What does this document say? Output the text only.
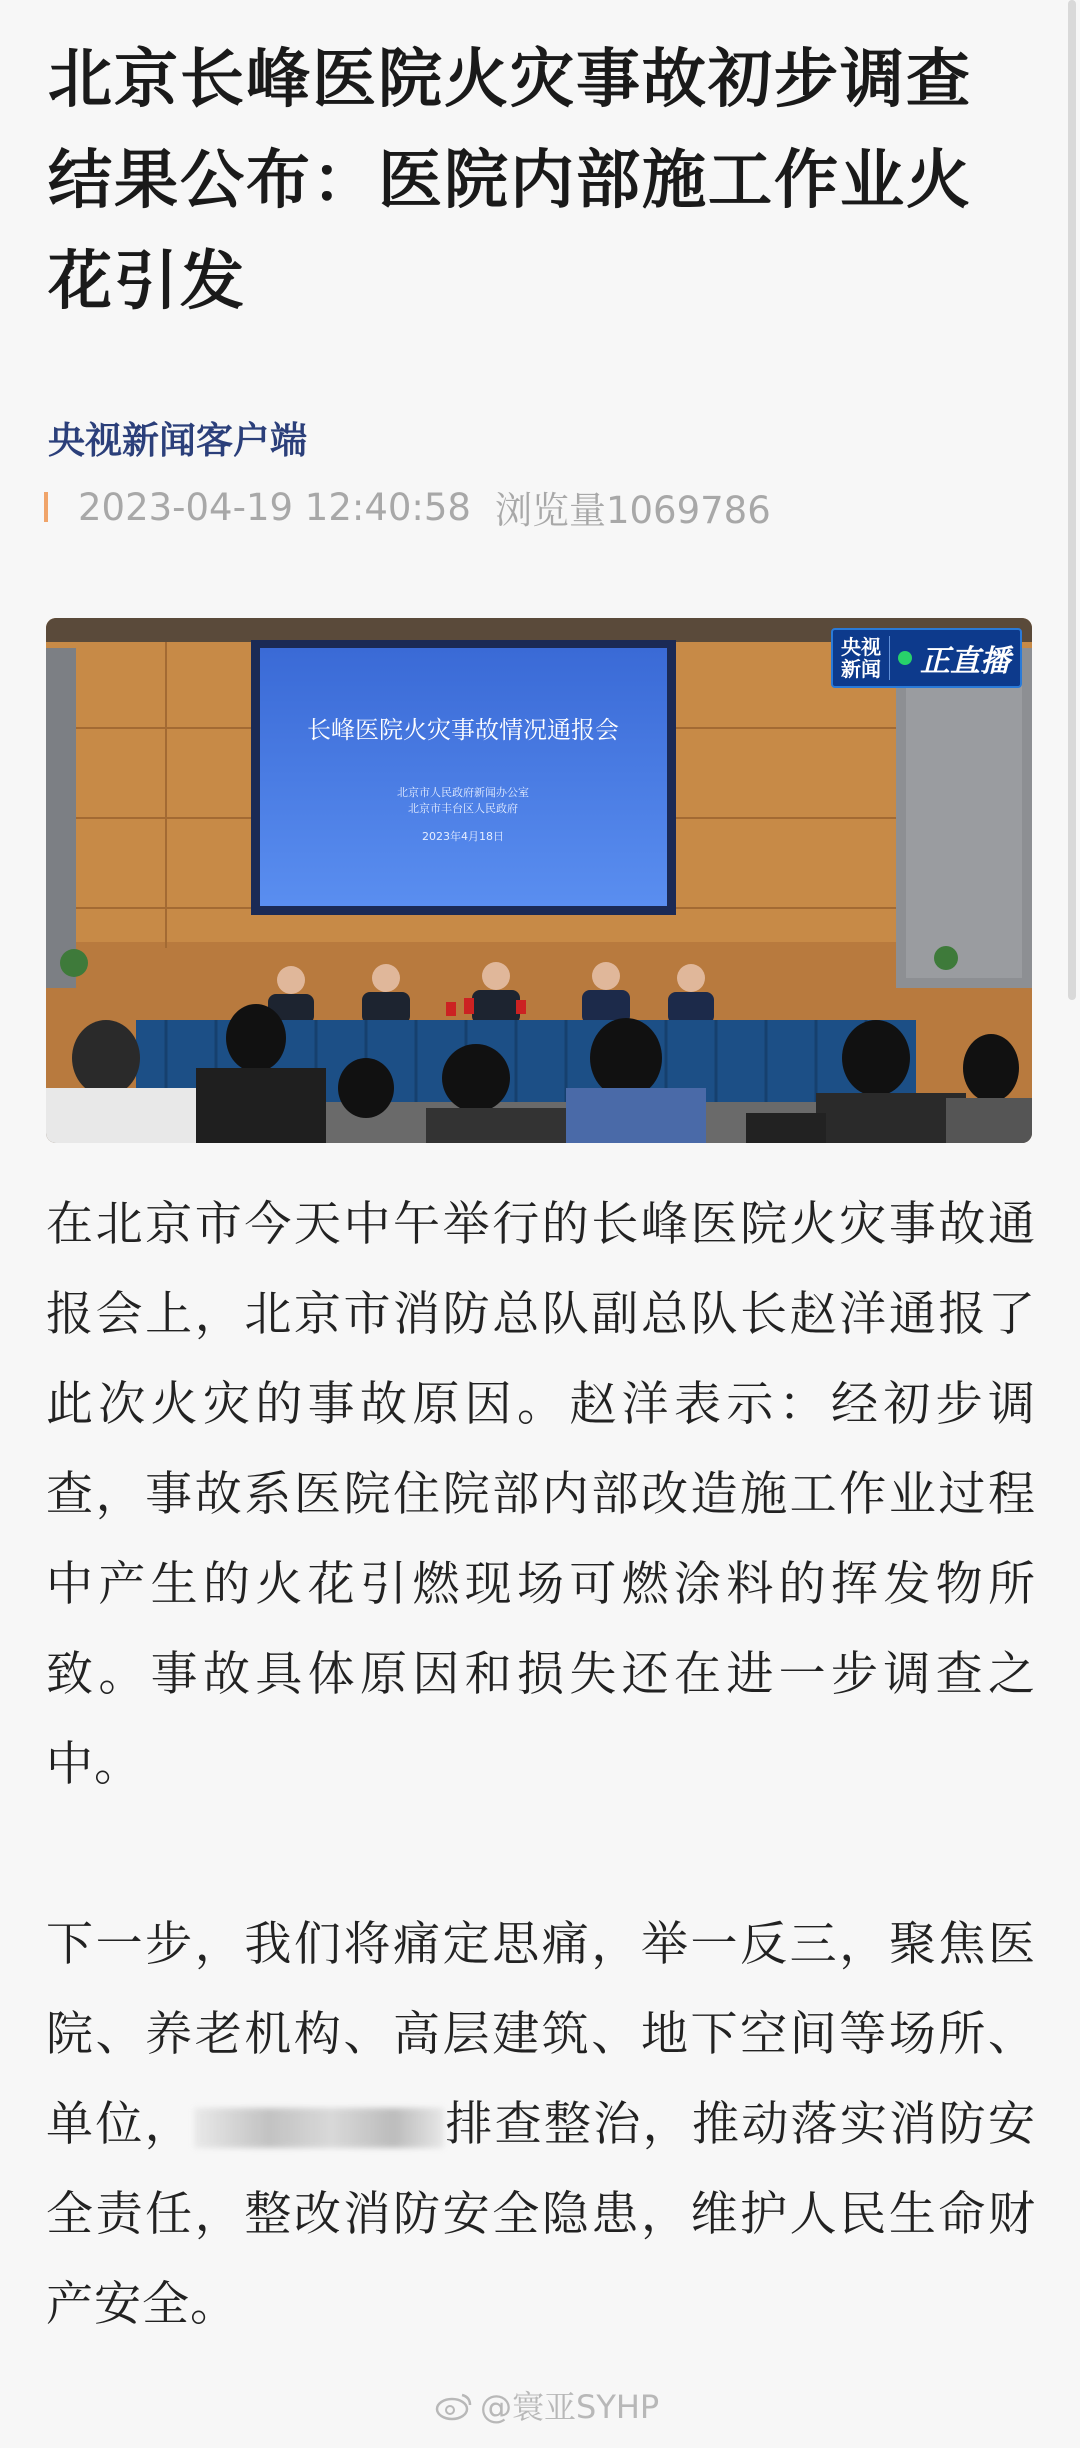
北京长峰医院火灾事故初步调查结果公布：医院内部施工作业火花引发
央视新闻客户端
2023-04-19 12:40:58 浏览量1069786
长峰医院火灾事故情况通报会
北京市人民政府新闻办公室
北京市丰台区人民政府
2023年4月18日
央视
新闻 正直播

在北京市今天中午举行的长峰医院火灾事故通报会上，北京市消防总队副总队长赵洋通报了此次火灾的事故原因。赵洋表示：经初步调查，事故系医院住院部内部改造施工作业过程中产生的火花引燃现场可燃涂料的挥发物所致。事故具体原因和损失还在进一步调查之中。

下一步，我们将痛定思痛，举一反三，聚焦医院、养老机构、高层建筑、地下空间等场所、单位，	排查整治，推动落实消防安全责任，整改消防安全隐患，维护人民生命财产安全。

@寰亚SYHP
